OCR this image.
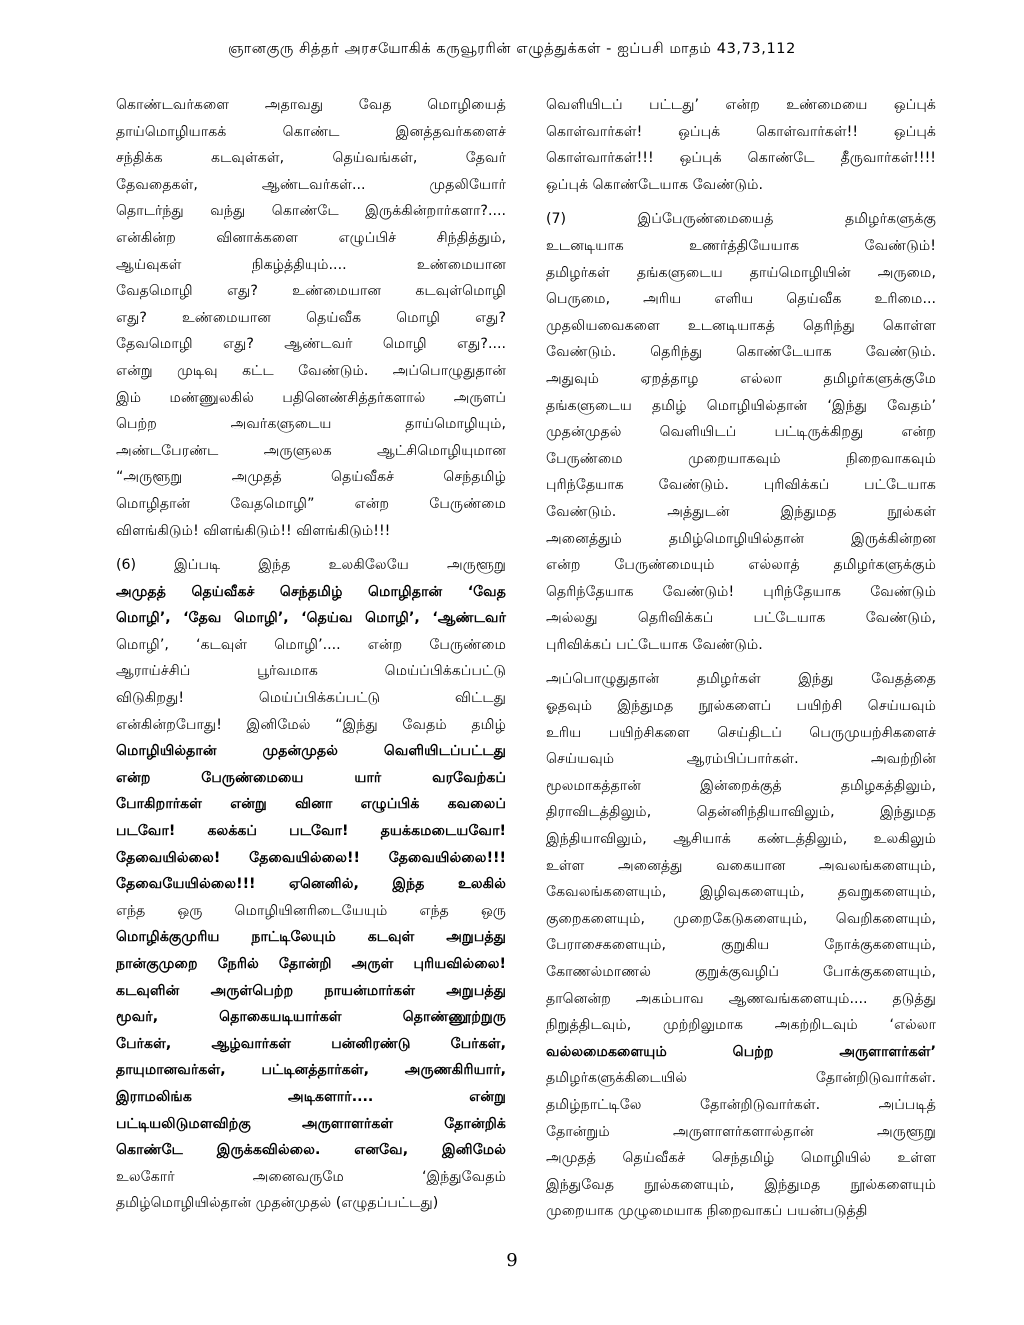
ஞானகுரு சித்தர் அரசயோகிக் கருவூரரின் எழுத்துக்கள் - ஐப்பசி மாதம் 43,73,112
கொண்டவர்களை அதாவது வேத மொழியைத்
தாய்மொழியாகக் கொண்ட இனத்தவர்களைச்
சந்திக்க கடவுள்கள், தெய்வங்கள், தேவர்
தேவதைகள், ஆண்டவர்கள்... முதலியோர்
தொடர்ந்து வந்து கொண்டே இருக்கின்றார்களா?....
என்கின்ற வினாக்களை எழுப்பிச் சிந்தித்தும்,
ஆய்வுகள் நிகழ்த்தியும்.... உண்மையான
வேதமொழி எது? உண்மையான கடவுள்மொழி
எது? உண்மையான தெய்வீக மொழி எது?
தேவமொழி எது? ஆண்டவர் மொழி எது?....
என்று முடிவு கட்ட வேண்டும். அப்பொழுதுதான்
இம் மண்ணுலகில் பதினெண்சித்தர்களால் அருளப்
பெற்ற அவர்களுடைய தாய்மொழியும்,
அண்டபேரண்ட அருளுலக ஆட்சிமொழியுமான
“அருளூறு அமுதத் தெய்வீகச் செந்தமிழ்
மொழிதான் வேதமொழி” என்ற பேருண்மை
விளங்கிடும்! விளங்கிடும்!! விளங்கிடும்!!!
(6) இப்படி இந்த உலகிலேயே அருளூறு
அமுதத் தெய்வீகச் செந்தமிழ் மொழிதான் ‘வேத
மொழி’, ‘தேவ மொழி’, ‘தெய்வ மொழி’, ‘ஆண்டவர்
மொழி’, ‘கடவுள் மொழி’.... என்ற பேருண்மை
ஆராய்ச்சிப் பூர்வமாக மெய்ப்பிக்கப்பட்டு
விடுகிறது! மெய்ப்பிக்கப்பட்டு விட்டது
என்கின்றபோது! இனிமேல் “இந்து வேதம் தமிழ்
மொழியில்தான் முதன்முதல் வெளியிடப்பட்டது
என்ற பேருண்மையை யார் வரவேற்கப்
போகிறார்கள் என்று வினா எழுப்பிக் கவலைப்
படவோ! கலக்கப் படவோ! தயக்கமடையவோ!
தேவையில்லை! தேவையில்லை!! தேவையில்லை!!!
தேவையேயில்லை!!! ஏனெனில், இந்த உலகில்
எந்த ஒரு மொழியினரிடையேயும் எந்த ஒரு
மொழிக்குமுரிய நாட்டிலேயும் கடவுள் அறுபத்து
நான்குமுறை நேரில் தோன்றி அருள் புரியவில்லை!
கடவுளின் அருள்பெற்ற நாயன்மார்கள் அறுபத்து
மூவர், தொகையடியார்கள் தொண்ணூற்றுரு
பேர்கள், ஆழ்வார்கள் பன்னிரண்டு பேர்கள்,
தாயுமானவர்கள், பட்டினத்தார்கள், அருணகிரியார்,
இராமலிங்க அடிகளார்.... என்று
பட்டியலிடுமளவிற்கு அருளாளர்கள் தோன்றிக்
கொண்டே இருக்கவில்லை. எனவே, இனிமேல்
உலகோர் அனைவருமே ‘இந்துவேதம்
தமிழ்மொழியில்தான் முதன்முதல் (எழுதப்பட்டது)
வெளியிடப் பட்டது’ என்ற உண்மையை ஒப்புக்
கொள்வார்கள்! ஒப்புக் கொள்வார்கள்!! ஒப்புக்
கொள்வார்கள்!!! ஒப்புக் கொண்டே தீருவார்கள்!!!!
ஒப்புக் கொண்டேயாக வேண்டும்.
(7) இப்பேருண்மையைத் தமிழர்களுக்கு
உடனடியாக உணர்த்தியேயாக வேண்டும்!
தமிழர்கள் தங்களுடைய தாய்மொழியின் அருமை,
பெருமை, அரிய எளிய தெய்வீக உரிமை...
முதலியவைகளை உடனடியாகத் தெரிந்து கொள்ள
வேண்டும். தெரிந்து கொண்டேயாக வேண்டும்.
அதுவும் ஏறத்தாழ எல்லா தமிழர்களுக்குமே
தங்களுடைய தமிழ் மொழியில்தான் ‘இந்து வேதம்’
முதன்முதல் வெளியிடப் பட்டிருக்கிறது என்ற
பேருண்மை முறையாகவும் நிறைவாகவும்
புரிந்தேயாக வேண்டும். புரிவிக்கப் பட்டேயாக
வேண்டும். அத்துடன் இந்துமத நூல்கள்
அனைத்தும் தமிழ்மொழியில்தான் இருக்கின்றன
என்ற பேருண்மையும் எல்லாத் தமிழர்களுக்கும்
தெரிந்தேயாக வேண்டும்! புரிந்தேயாக வேண்டும்
அல்லது தெரிவிக்கப் பட்டேயாக வேண்டும்,
புரிவிக்கப் பட்டேயாக வேண்டும்.
அப்பொழுதுதான் தமிழர்கள் இந்து வேதத்தை
ஓதவும் இந்துமத நூல்களைப் பயிற்சி செய்யவும்
உரிய பயிற்சிகளை செய்திடப் பெருமுயற்சிகளைச்
செய்யவும் ஆரம்பிப்பார்கள். அவற்றின்
மூலமாகத்தான் இன்றைக்குத் தமிழகத்திலும்,
திராவிடத்திலும், தென்னிந்தியாவிலும், இந்துமத
இந்தியாவிலும், ஆசியாக் கண்டத்திலும், உலகிலும்
உள்ள அனைத்து வகையான அவலங்களையும்,
கேவலங்களையும், இழிவுகளையும், தவறுகளையும்,
குறைகளையும், முறைகேடுகளையும், வெறிகளையும்,
பேராசைகளையும், குறுகிய நோக்குகளையும்,
கோணல்மாணல் குறுக்குவழிப் போக்குகளையும்,
தானென்ற அகம்பாவ ஆணவங்களையும்.... தடுத்து
நிறுத்திடவும், முற்றிலுமாக அகற்றிடவும் ‘எல்லா
வல்லமைகளையும் பெற்ற அருளாளர்கள்’
தமிழர்களுக்கிடையில் தோன்றிடுவார்கள்.
தமிழ்நாட்டிலே தோன்றிடுவார்கள். அப்படித்
தோன்றும் அருளாளர்களால்தான் அருளூறு
அமுதத் தெய்வீகச் செந்தமிழ் மொழியில் உள்ள
இந்துவேத நூல்களையும், இந்துமத நூல்களையும்
முறையாக முழுமையாக நிறைவாகப் பயன்படுத்தி
9
